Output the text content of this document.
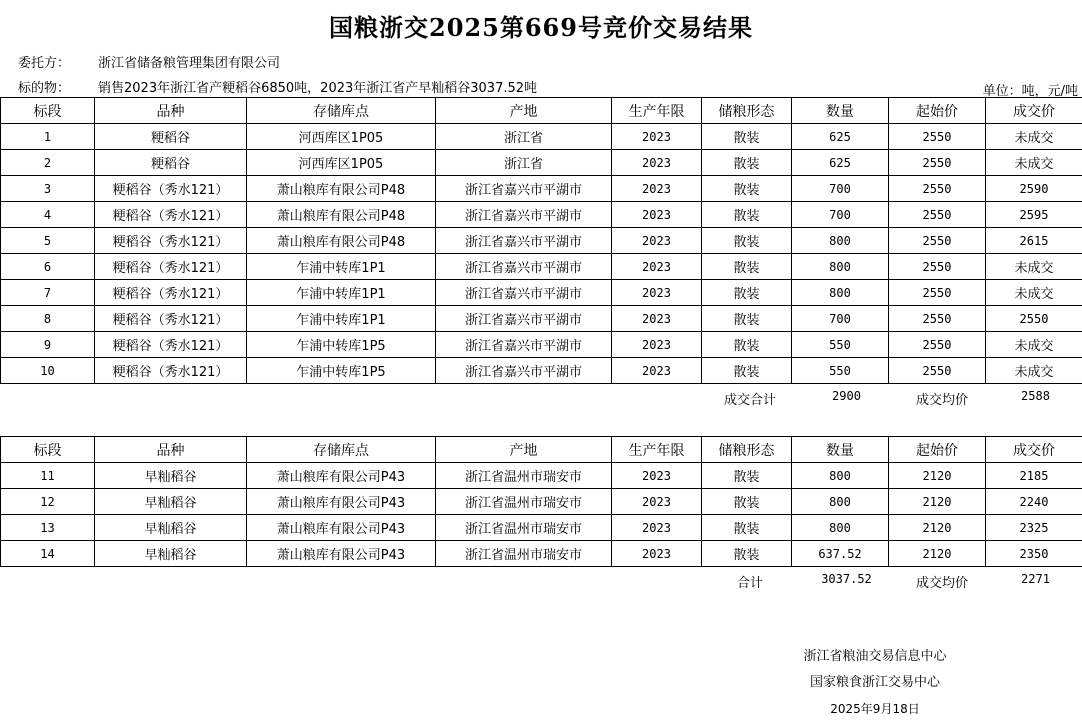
国粮浙交2025第669号竞价交易结果
委托方： 浙江省储备粮管理集团有限公司
标的物： 销售2023年浙江省产粳稻谷6850吨，2023年浙江省产早籼稻谷3037.52吨	单位：吨，元/吨
标段	品种	存储库点	产地	生产年限	储粮形态	数量	起始价	成交价
1	粳稻谷	河西库区1P05	浙江省	2023	散装	625	2550	未成交
2	粳稻谷	河西库区1P05	浙江省	2023	散装	625	2550	未成交
3	粳稻谷（秀水121）	萧山粮库有限公司P48	浙江省嘉兴市平湖市	2023	散装	700	2550	2590
4	粳稻谷（秀水121）	萧山粮库有限公司P48	浙江省嘉兴市平湖市	2023	散装	700	2550	2595
5	粳稻谷（秀水121）	萧山粮库有限公司P48	浙江省嘉兴市平湖市	2023	散装	800	2550	2615
6	粳稻谷（秀水121）	乍浦中转库1P1	浙江省嘉兴市平湖市	2023	散装	800	2550	未成交
7	粳稻谷（秀水121）	乍浦中转库1P1	浙江省嘉兴市平湖市	2023	散装	800	2550	未成交
8	粳稻谷（秀水121）	乍浦中转库1P1	浙江省嘉兴市平湖市	2023	散装	700	2550	2550
9	粳稻谷（秀水121）	乍浦中转库1P5	浙江省嘉兴市平湖市	2023	散装	550	2550	未成交
10	粳稻谷（秀水121）	乍浦中转库1P5	浙江省嘉兴市平湖市	2023	散装	550	2550	未成交
成交合计	2900	成交均价	2588
标段	品种	存储库点	产地	生产年限	储粮形态	数量	起始价	成交价
11	早籼稻谷	萧山粮库有限公司P43	浙江省温州市瑞安市	2023	散装	800	2120	2185
12	早籼稻谷	萧山粮库有限公司P43	浙江省温州市瑞安市	2023	散装	800	2120	2240
13	早籼稻谷	萧山粮库有限公司P43	浙江省温州市瑞安市	2023	散装	800	2120	2325
14	早籼稻谷	萧山粮库有限公司P43	浙江省温州市瑞安市	2023	散装	637.52	2120	2350
合计	3037.52	成交均价	2271
浙江省粮油交易信息中心
国家粮食浙江交易中心
2025年9月18日
